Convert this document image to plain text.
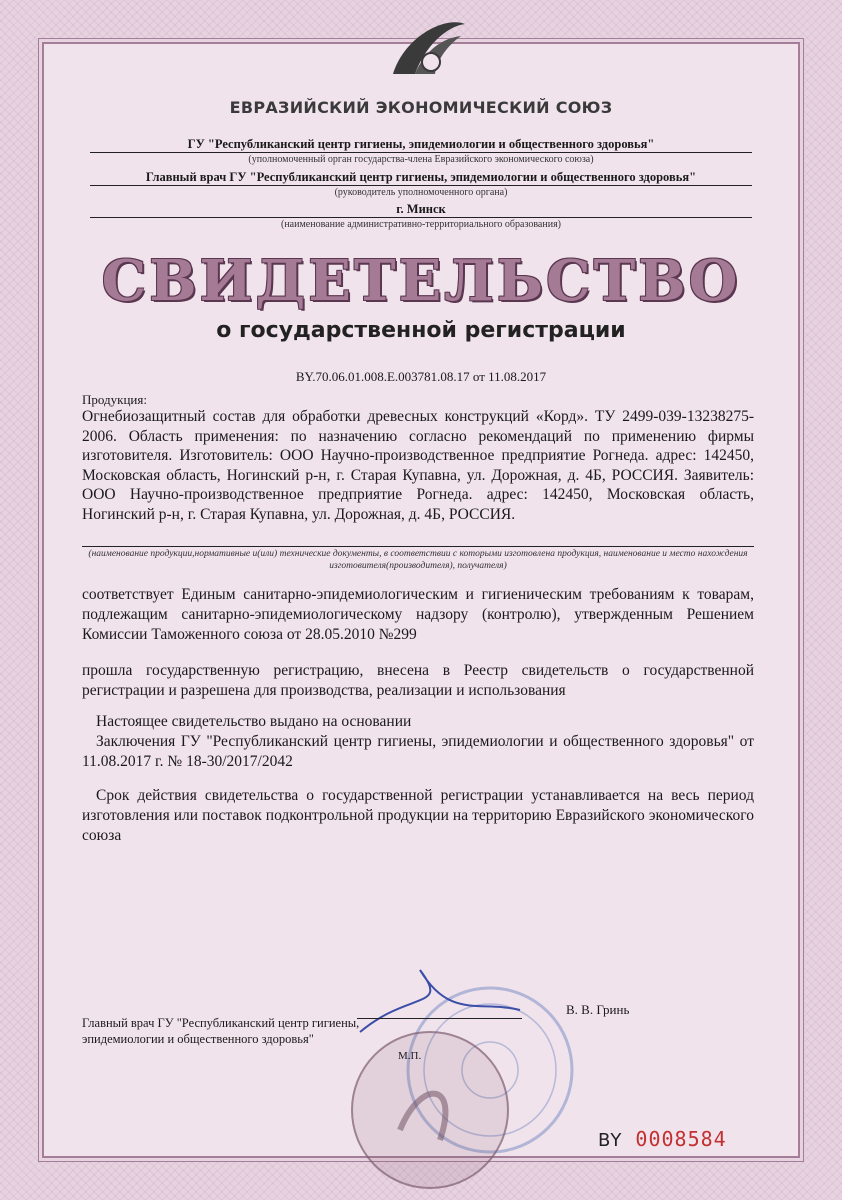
ЕВРАЗИЙСКИЙ ЭКОНОМИЧЕСКИЙ СОЮЗ
ГУ "Республиканский центр гигиены, эпидемиологии и общественного здоровья"
(уполномоченный орган государства-члена Евразийского экономического союза)
Главный врач ГУ "Республиканский центр гигиены, эпидемиологии и общественного здоровья"
(руководитель уполномоченного органа)
г. Минск
(наименование административно-территориального образования)
СВИДЕТЕЛЬСТВО
о государственной регистрации
BY.70.06.01.008.E.003781.08.17 от 11.08.2017
Продукция:
Огнебиозащитный состав для обработки древесных конструкций «Корд». ТУ 2499-039-13238275-2006. Область применения: по назначению согласно рекомендаций по применению фирмы изготовителя. Изготовитель: ООО Научно-производственное предприятие Рогнеда. адрес: 142450, Московская область, Ногинский р-н, г. Старая Купавна, ул. Дорожная, д. 4Б, РОССИЯ. Заявитель: ООО Научно-производственное предприятие Рогнеда. адрес: 142450, Московская область, Ногинский р-н, г. Старая Купавна, ул. Дорожная, д. 4Б, РОССИЯ.
(наименование продукции,нормативные и(или) технические документы, в соответствии с которыми изготовлена продукция, наименование и место нахождения изготовителя(производителя), получателя)
соответствует Единым санитарно-эпидемиологическим и гигиеническим требованиям к товарам, подлежащим санитарно-эпидемиологическому надзору (контролю), утвержденным Решением Комиссии Таможенного союза от 28.05.2010 №299
прошла государственную регистрацию, внесена в Реестр свидетельств о государственной регистрации и разрешена для производства, реализации и использования
Настоящее свидетельство выдано на основании
Заключения ГУ "Республиканский центр гигиены, эпидемиологии и общественного здоровья" от 11.08.2017 г. № 18-30/2017/2042
Срок действия свидетельства о государственной регистрации устанавливается на весь период изготовления или поставок подконтрольной продукции на территорию Евразийского экономического союза
Главный врач ГУ "Республиканский центр гигиены, эпидемиологии и общественного здоровья"
В. В. Гринь
М.П.
BY 0008584
